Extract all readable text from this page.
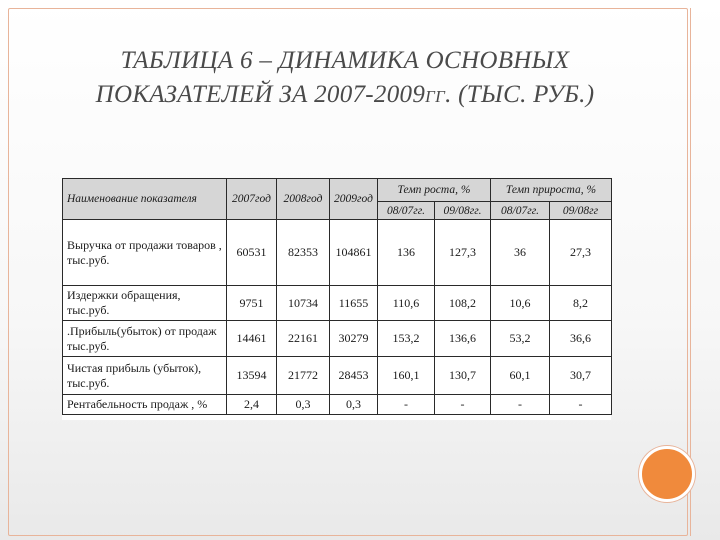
ТАБЛИЦА 6 – ДИНАМИКА ОСНОВНЫХ
ПОКАЗАТЕЛЕЙ ЗА 2007-2009ГГ. (ТЫС. РУБ.)
Наименование показателя	2007год	2008год	2009год	Темп роста, %		Темп прироста, %	
				08/07гг.	09/08гг.	08/07гг.	09/08гг
Выручка от продажи товаров , тыс.руб.	60531	82353	104861	136	127,3	36	27,3
Издержки обращения, тыс.руб.	9751	10734	11655	110,6	108,2	10,6	8,2
.Прибыль(убыток) от продаж тыс.руб.	14461	22161	30279	153,2	136,6	53,2	36,6
Чистая прибыль (убыток), тыс.руб.	13594	21772	28453	160,1	130,7	60,1	30,7
Рентабельность продаж , %	2,4	0,3	0,3	-	-	-	-
